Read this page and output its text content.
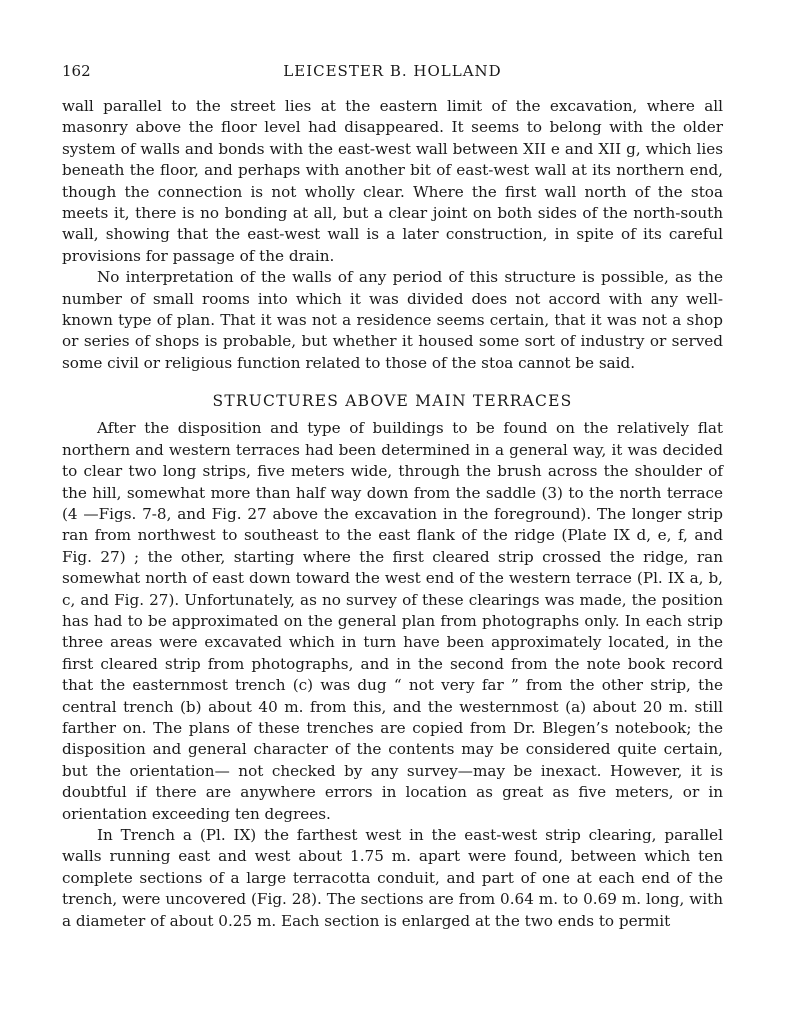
162	LEICESTER B. HOLLAND

wall parallel to the street lies at the eastern limit of the excavation, where all masonry above the floor level had disappeared. It seems to belong with the older system of walls and bonds with the east-west wall between XII e and XII g, which lies beneath the floor, and perhaps with another bit of east-west wall at its northern end, though the connection is not wholly clear. Where the first wall north of the stoa meets it, there is no bonding at all, but a clear joint on both sides of the north-south wall, showing that the east-west wall is a later construction, in spite of its careful provisions for passage of the drain.

No interpretation of the walls of any period of this structure is possible, as the number of small rooms into which it was divided does not accord with any well-known type of plan. That it was not a residence seems certain, that it was not a shop or series of shops is probable, but whether it housed some sort of industry or served some civil or religious function related to those of the stoa cannot be said.

STRUCTURES ABOVE MAIN TERRACES

After the disposition and type of buildings to be found on the relatively flat northern and western terraces had been determined in a general way, it was decided to clear two long strips, five meters wide, through the brush across the shoulder of the hill, somewhat more than half way down from the saddle (3) to the north terrace (4 —Figs. 7-8, and Fig. 27 above the excavation in the foreground). The longer strip ran from northwest to southeast to the east flank of the ridge (Plate IX d, e, f, and Fig. 27) ; the other, starting where the first cleared strip crossed the ridge, ran somewhat north of east down toward the west end of the western terrace (Pl. IX a, b, c, and Fig. 27). Unfortunately, as no survey of these clearings was made, the position has had to be approximated on the general plan from photographs only. In each strip three areas were excavated which in turn have been approximately located, in the first cleared strip from photographs, and in the second from the note book record that the easternmost trench (c) was dug “ not very far ” from the other strip, the central trench (b) about 40 m. from this, and the westernmost (a) about 20 m. still farther on. The plans of these trenches are copied from Dr. Blegen’s notebook; the disposition and general character of the contents may be considered quite certain, but the orientation— not checked by any survey—may be inexact. However, it is doubtful if there are anywhere errors in location as great as five meters, or in orientation exceeding ten degrees.

In Trench a (Pl. IX) the farthest west in the east-west strip clearing, parallel walls running east and west about 1.75 m. apart were found, between which ten complete sections of a large terracotta conduit, and part of one at each end of the trench, were uncovered (Fig. 28). The sections are from 0.64 m. to 0.69 m. long, with a diameter of about 0.25 m. Each section is enlarged at the two ends to permit
